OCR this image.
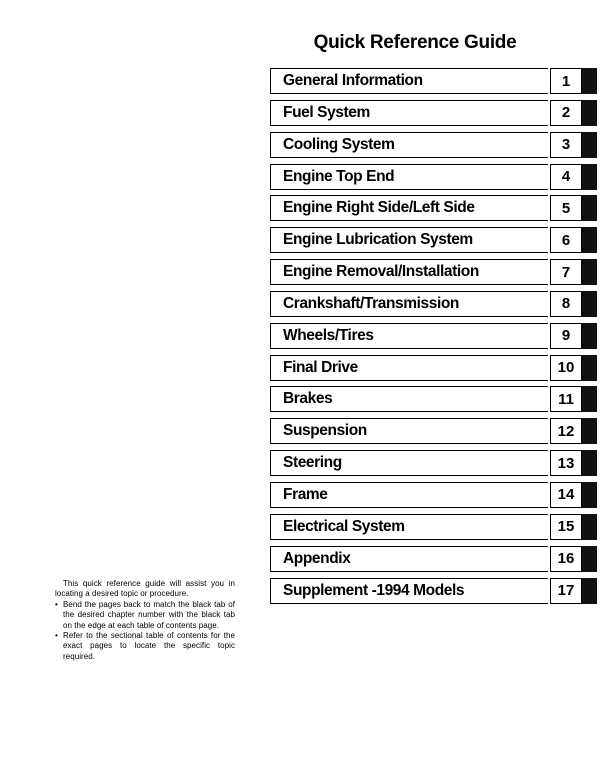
Quick Reference Guide
General Information	1
Fuel System	2
Cooling System	3
Engine Top End	4
Engine Right Side/Left Side	5
Engine Lubrication System	6
Engine Removal/Installation	7
Crankshaft/Transmission	8
Wheels/Tires	9
Final Drive	10
Brakes	11
Suspension	12
Steering	13
Frame	14
Electrical System	15
Appendix	16
Supplement -1994 Models	17

This quick reference guide will assist you in locating a desired topic or procedure.

• Bend the pages back to match the black tab of the desired chapter number with the black tab on the edge at each table of contents page.
• Refer to the sectional table of contents for the exact pages to locate the specific topic required.
